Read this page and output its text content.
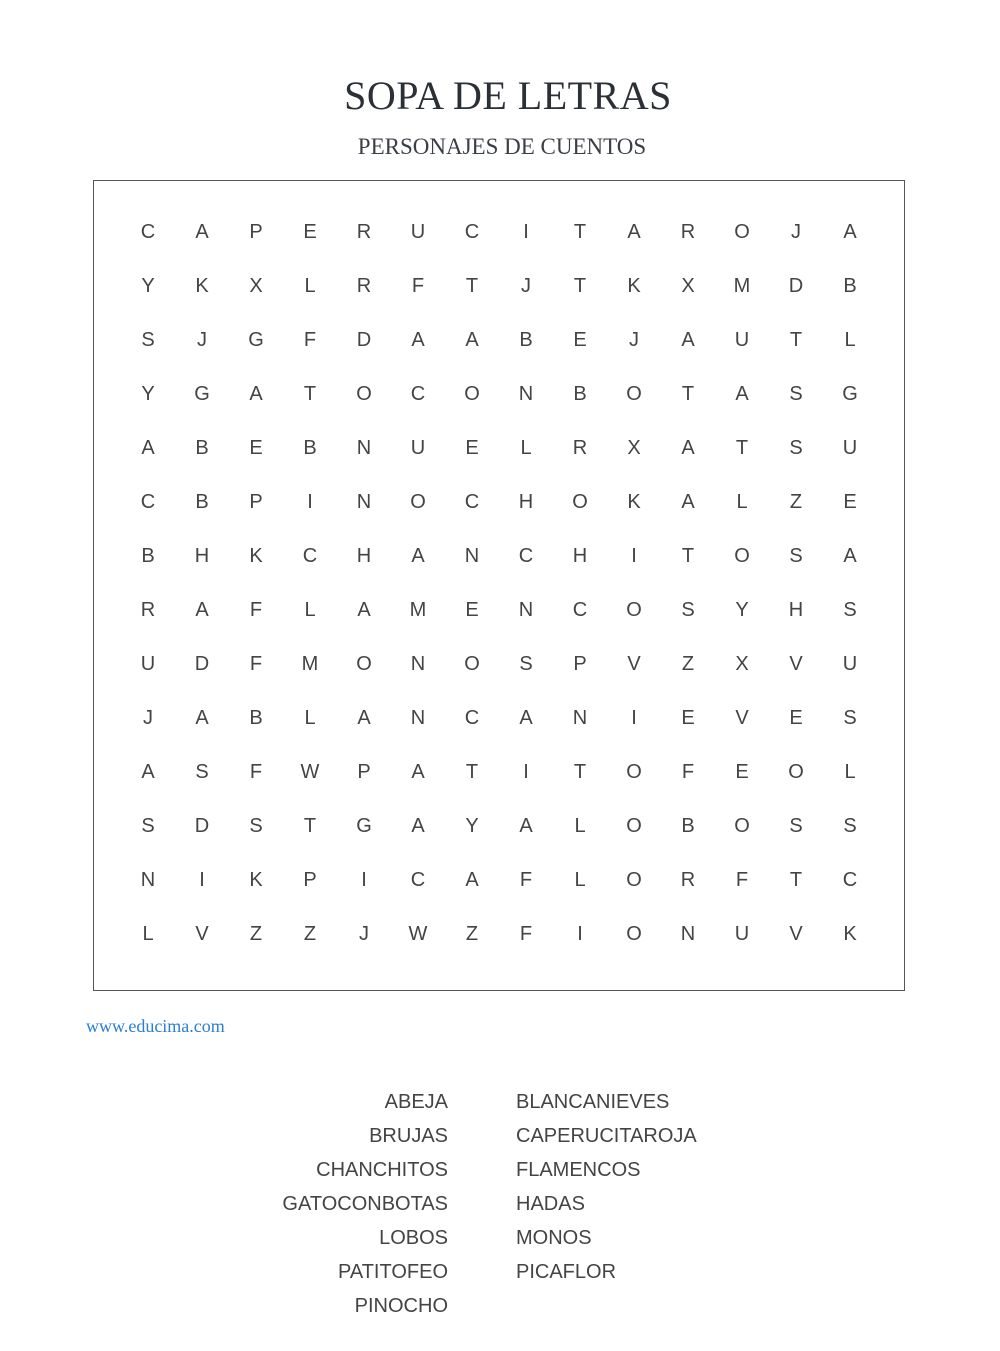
SOPA DE LETRAS
PERSONAJES DE CUENTOS
C	A	P	E	R	U	C	I	T	A	R	O	J	A
Y	K	X	L	R	F	T	J	T	K	X	M	D	B
S	J	G	F	D	A	A	B	E	J	A	U	T	L
Y	G	A	T	O	C	O	N	B	O	T	A	S	G
A	B	E	B	N	U	E	L	R	X	A	T	S	U
C	B	P	I	N	O	C	H	O	K	A	L	Z	E
B	H	K	C	H	A	N	C	H	I	T	O	S	A
R	A	F	L	A	M	E	N	C	O	S	Y	H	S
U	D	F	M	O	N	O	S	P	V	Z	X	V	U
J	A	B	L	A	N	C	A	N	I	E	V	E	S
A	S	F	W	P	A	T	I	T	O	F	E	O	L
S	D	S	T	G	A	Y	A	L	O	B	O	S	S
N	I	K	P	I	C	A	F	L	O	R	F	T	C
L	V	Z	Z	J	W	Z	F	I	O	N	U	V	K
www.educima.com
ABEJA
BRUJAS
CHANCHITOS
GATOCONBOTAS
LOBOS
PATITOFEO
PINOCHO
BLANCANIEVES
CAPERUCITAROJA
FLAMENCOS
HADAS
MONOS
PICAFLOR
